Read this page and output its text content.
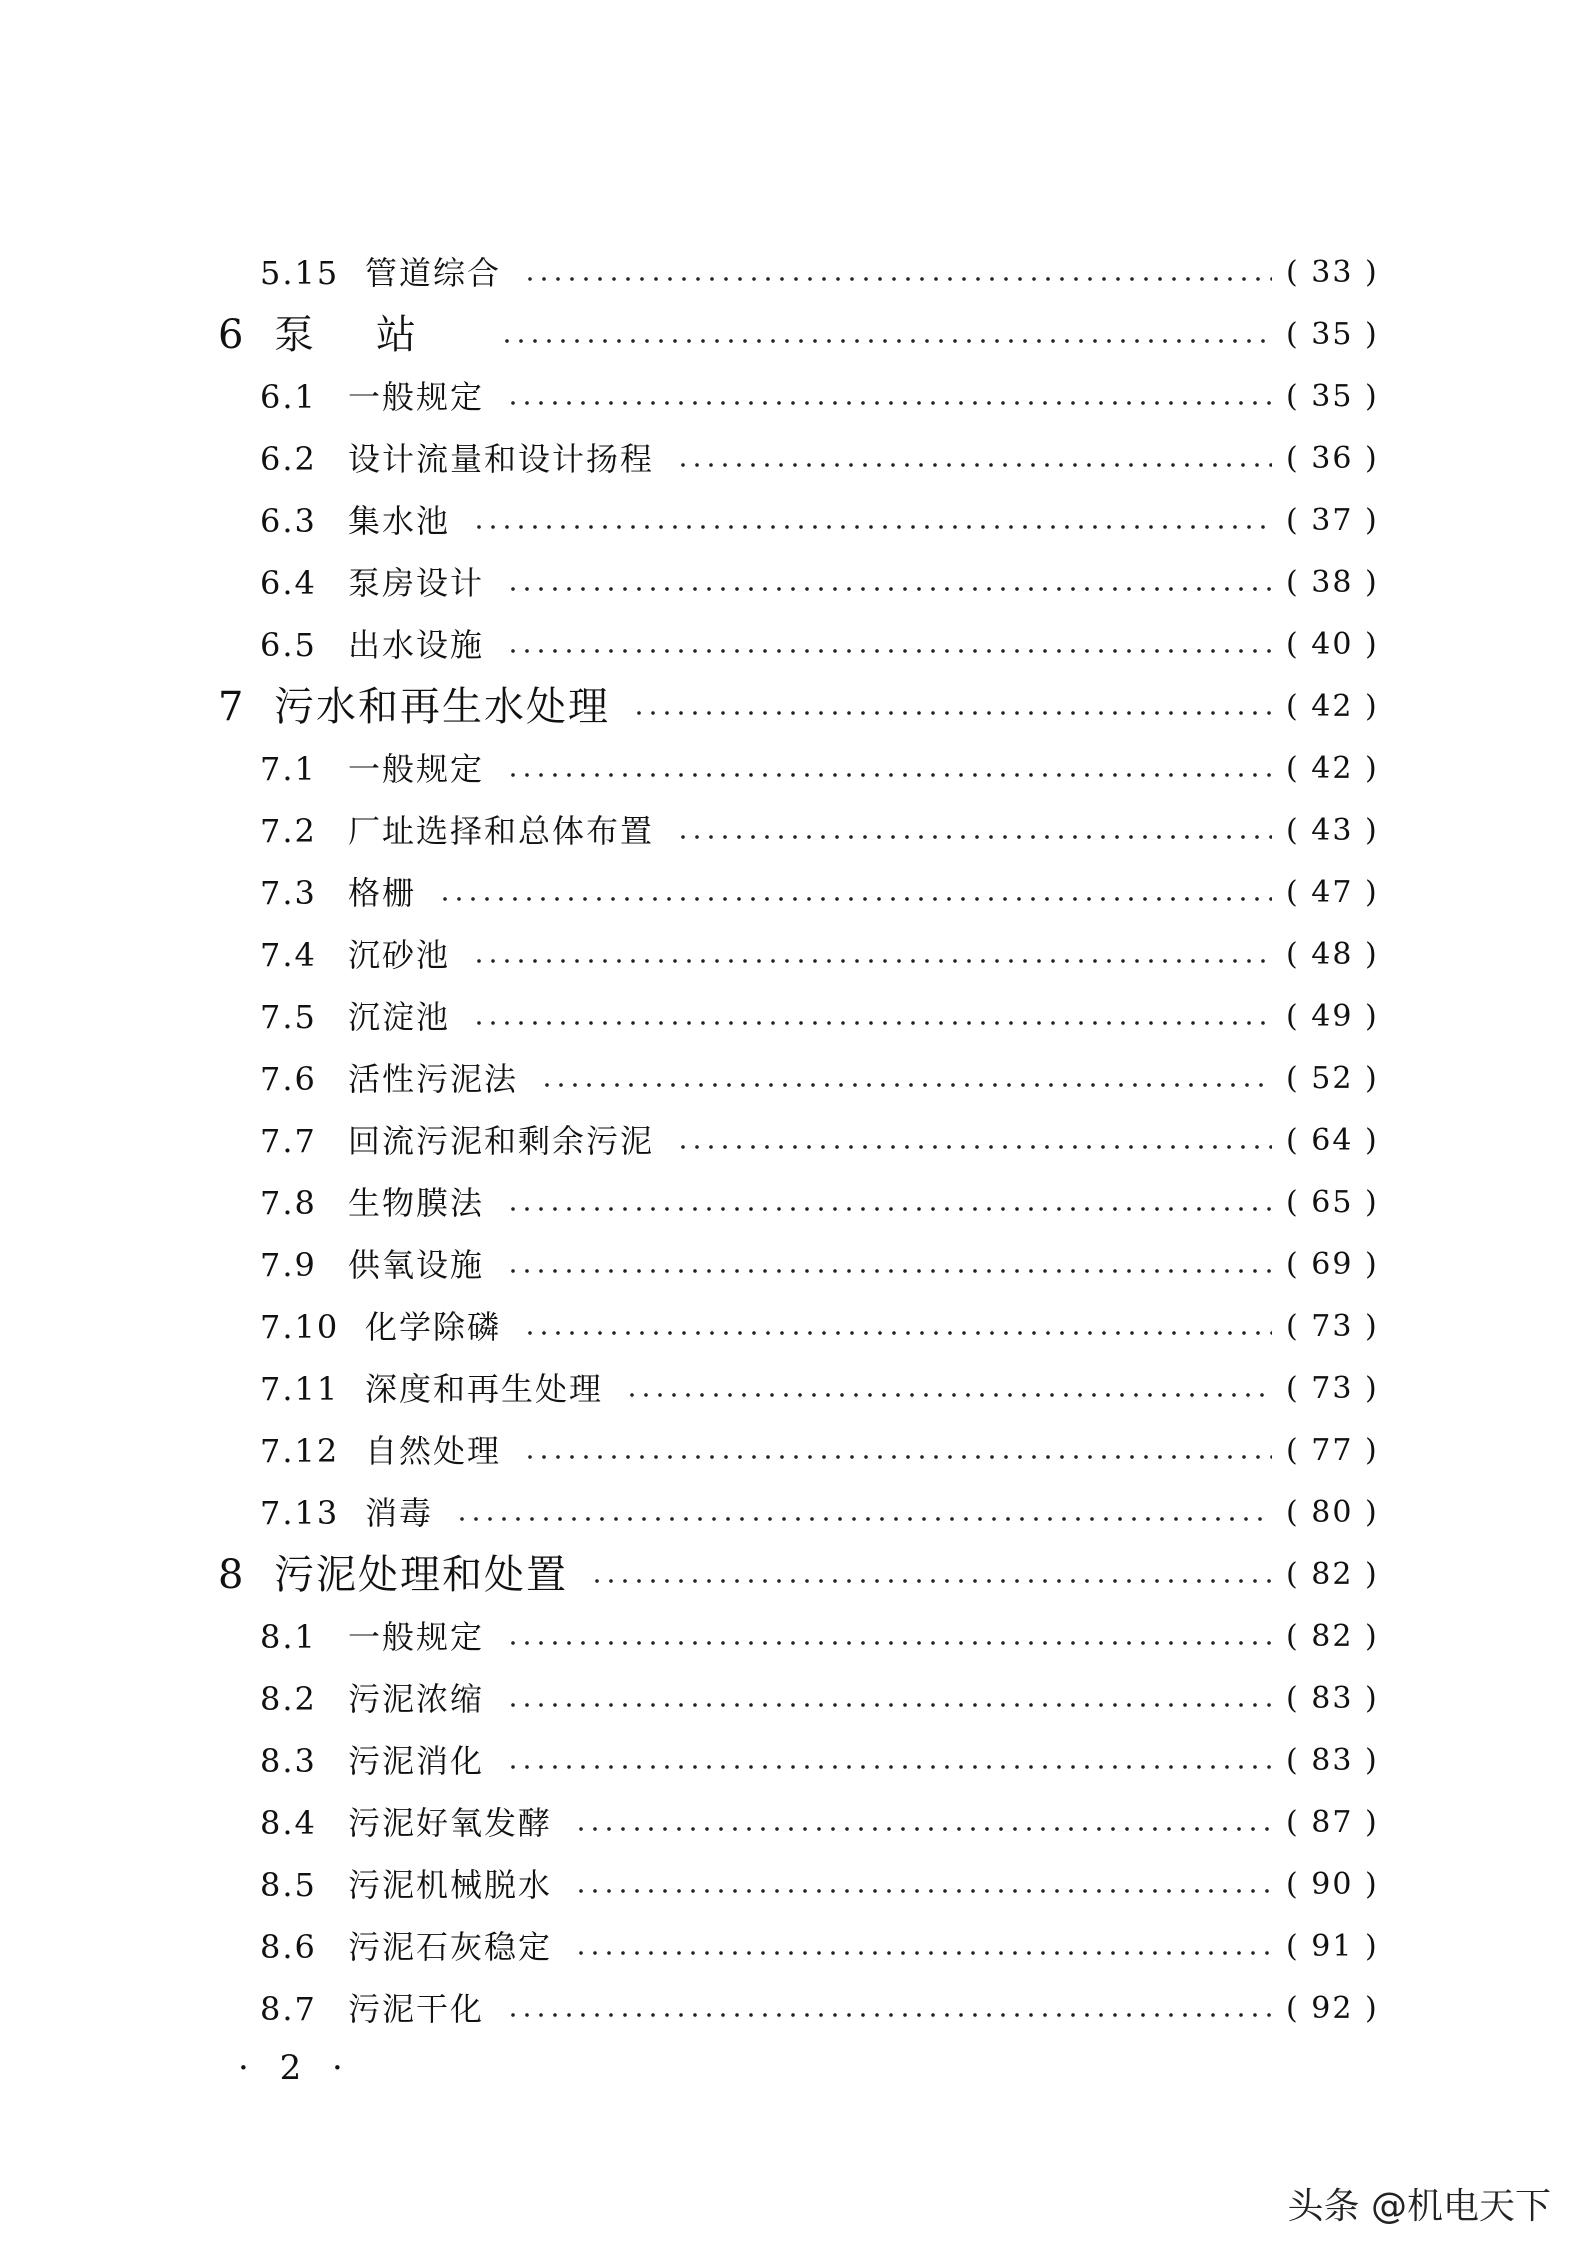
5.15 管道综合	( 33 )
6 泵站	( 35 )
6.1 一般规定	( 35 )
6.2 设计流量和设计扬程	( 36 )
6.3 集水池	( 37 )
6.4 泵房设计	( 38 )
6.5 出水设施	( 40 )
7 污水和再生水处理	( 42 )
7.1 一般规定	( 42 )
7.2 厂址选择和总体布置	( 43 )
7.3 格栅	( 47 )
7.4 沉砂池	( 48 )
7.5 沉淀池	( 49 )
7.6 活性污泥法	( 52 )
7.7 回流污泥和剩余污泥	( 64 )
7.8 生物膜法	( 65 )
7.9 供氧设施	( 69 )
7.10 化学除磷	( 73 )
7.11 深度和再生处理	( 73 )
7.12 自然处理	( 77 )
7.13 消毒	( 80 )
8 污泥处理和处置	( 82 )
8.1 一般规定	( 82 )
8.2 污泥浓缩	( 83 )
8.3 污泥消化	( 83 )
8.4 污泥好氧发酵	( 87 )
8.5 污泥机械脱水	( 90 )
8.6 污泥石灰稳定	( 91 )
8.7 污泥干化	( 92 )
· 2 ·
头条 @机电天下
